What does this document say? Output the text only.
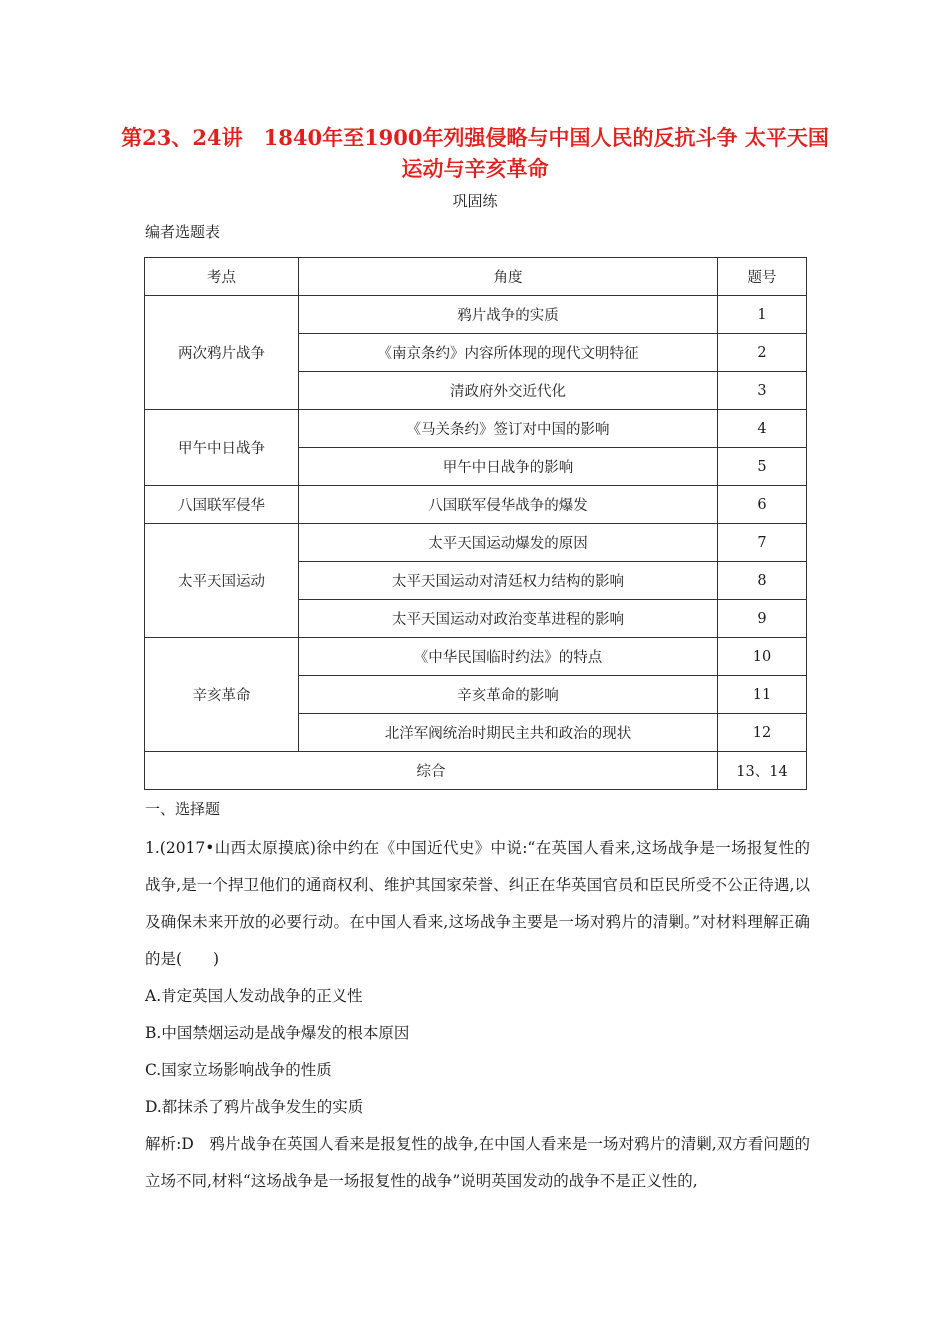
第23、24讲　1840年至1900年列强侵略与中国人民的反抗斗争 太平天国运动与辛亥革命
巩固练
编者选题表
考点	角度	题号
两次鸦片战争	鸦片战争的实质	1
	《南京条约》内容所体现的现代文明特征	2
	清政府外交近代化	3
甲午中日战争	《马关条约》签订对中国的影响	4
	甲午中日战争的影响	5
八国联军侵华	八国联军侵华战争的爆发	6
太平天国运动	太平天国运动爆发的原因	7
	太平天国运动对清廷权力结构的影响	8
	太平天国运动对政治变革进程的影响	9
辛亥革命	《中华民国临时约法》的特点	10
	辛亥革命的影响	11
	北洋军阀统治时期民主共和政治的现状	12
综合		13、14
一、选择题

1.(2017•山西太原摸底)徐中约在《中国近代史》中说:“在英国人看来,这场战争是一场报复性的战争,是一个捍卫他们的通商权利、维护其国家荣誉、纠正在华英国官员和臣民所受不公正待遇,以及确保未来开放的必要行动。在中国人看来,这场战争主要是一场对鸦片的清剿。”对材料理解正确的是(　　)

A.肯定英国人发动战争的正义性
B.中国禁烟运动是战争爆发的根本原因
C.国家立场影响战争的性质
D.都抹杀了鸦片战争发生的实质

解析:D　鸦片战争在英国人看来是报复性的战争,在中国人看来是一场对鸦片的清剿,双方看问题的立场不同,材料“这场战争是一场报复性的战争”说明英国发动的战争不是正义性的,
